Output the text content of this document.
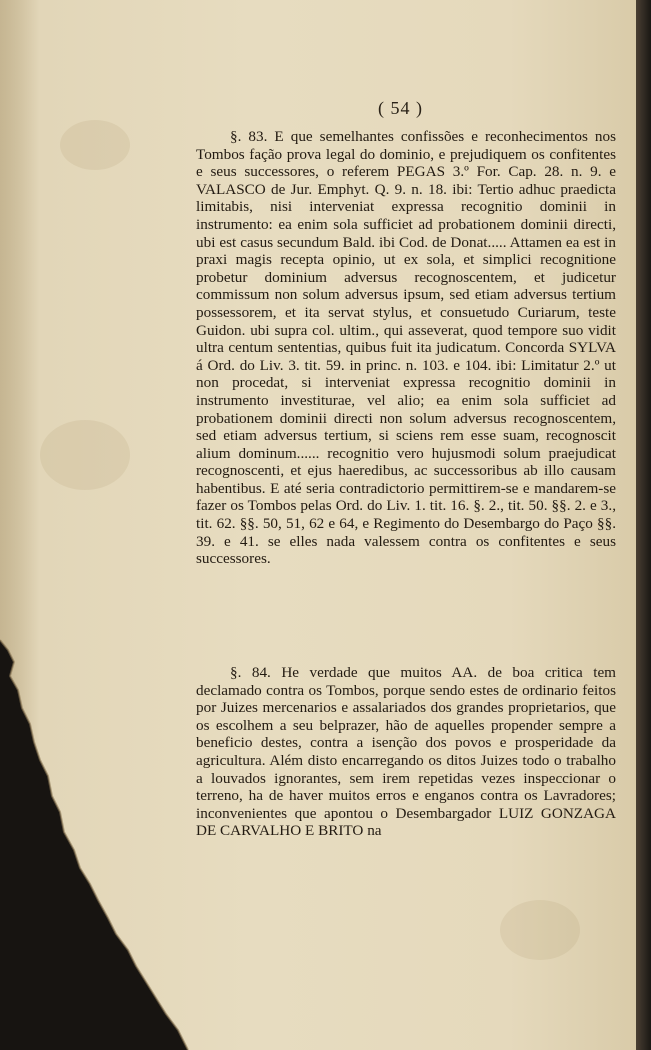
( 54 )

§. 83. E que semelhantes confissões e reconhecimentos nos Tombos fação prova legal do dominio, e prejudiquem os confitentes e seus successores, o referem PEGAS 3.º For. Cap. 28. n. 9. e VALASCO de Jur. Emphyt. Q. 9. n. 18. ibi: Tertio adhuc praedicta limitabis, nisi interveniat expressa recognitio dominii in instrumento: ea enim sola sufficiet ad probationem dominii directi, ubi est casus secundum Bald. ibi Cod. de Donat..... Attamen ea est in praxi magis recepta opinio, ut ex sola, et simplici recognitione probetur dominium adversus recognoscentem, et judicetur commissum non solum adversus ipsum, sed etiam adversus tertium possessorem, et ita servat stylus, et consuetudo Curiarum, teste Guidon. ubi supra col. ultim., qui asseverat, quod tempore suo vidit ultra centum sententias, quibus fuit ita judicatum. Concorda SYLVA á Ord. do Liv. 3. tit. 59. in princ. n. 103. e 104. ibi: Limitatur 2.º ut non procedat, si interveniat expressa recognitio dominii in instrumento investiturae, vel alio; ea enim sola sufficiet ad probationem dominii directi non solum adversus recognoscentem, sed etiam adversus tertium, si sciens rem esse suam, recognoscit alium dominum...... recognitio vero hujusmodi solum praejudicat recognoscenti, et ejus haeredibus, ac successoribus ab illo causam habentibus. E até seria contradictorio permittirem-se e mandarem-se fazer os Tombos pelas Ord. do Liv. 1. tit. 16. §. 2., tit. 50. §§. 2. e 3., tit. 62. §§. 50, 51, 62 e 64, e Regimento do Desembargo do Paço §§. 39. e 41. se elles nada valessem contra os confitentes e seus successores.

§. 84. He verdade que muitos AA. de boa critica tem declamado contra os Tombos, porque sendo estes de ordinario feitos por Juizes mercenarios e assalariados dos grandes proprietarios, que os escolhem a seu belprazer, hão de aquelles propender sempre a beneficio destes, contra a isenção dos povos e prosperidade da agricultura. Além disto encarregando os ditos Juizes todo o trabalho a louvados ignorantes, sem irem repetidas vezes inspeccionar o terreno, ha de haver muitos erros e enganos contra os Lavradores; inconvenientes que apontou o Desembargador LUIZ GONZAGA DE CARVALHO E BRITO na
